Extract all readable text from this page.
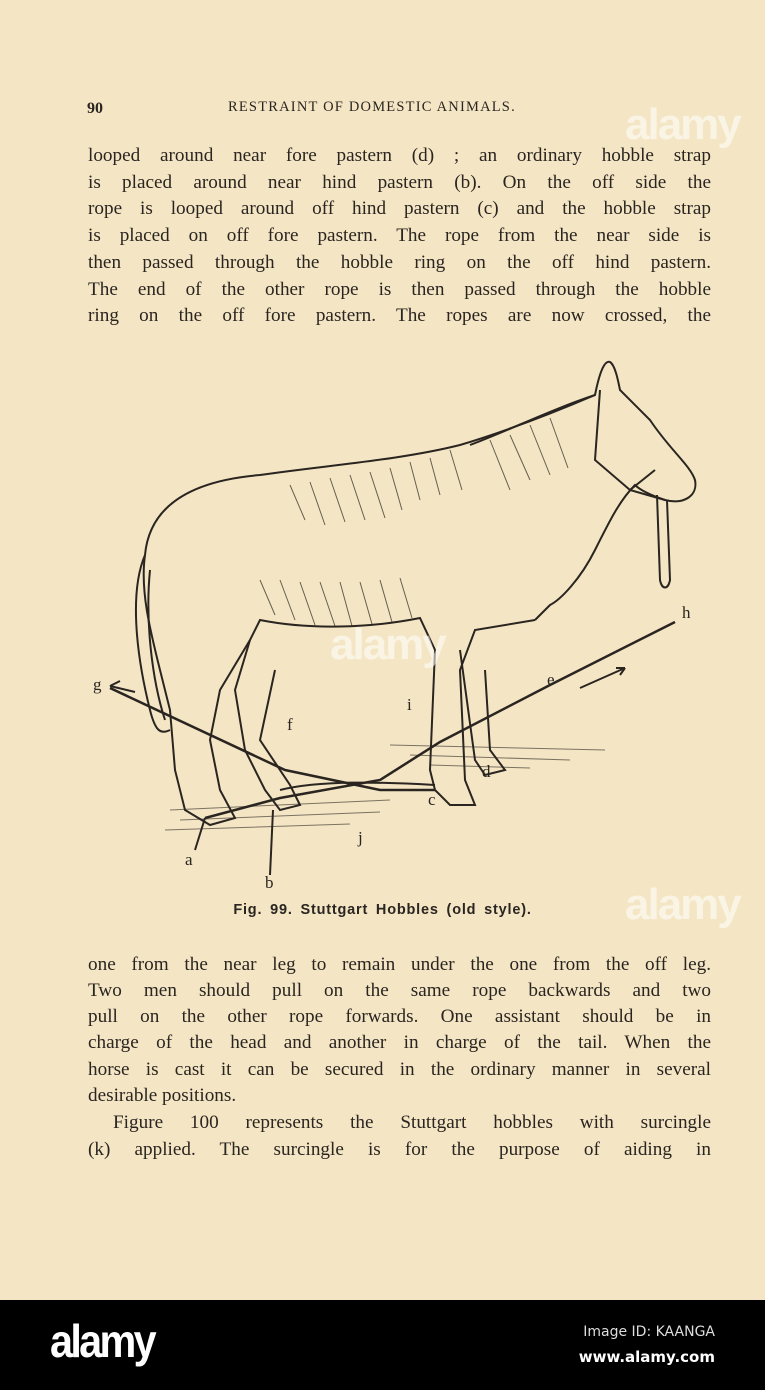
90	RESTRAINT OF DOMESTIC ANIMALS.
looped around near fore pastern (d) ; an ordinary hobble strap
is placed around near hind pastern (b). On the off side the
rope is looped around off hind pastern (c) and the hobble strap
is placed on off fore pastern. The rope from the near side is
then passed through the hobble ring on the off hind pastern.
The end of the other rope is then passed through the hobble
ring on the off fore pastern. The ropes are now crossed, the
g
h
e
f
i
d
c
j
a
b
Fig. 99. Stuttgart Hobbles (old style).
one from the near leg to remain under the one from the off leg.
Two men should pull on the same rope backwards and two
pull on the other rope forwards. One assistant should be in
charge of the head and another in charge of the tail. When the
horse is cast it can be secured in the ordinary manner in several
desirable positions.
Figure 100 represents the Stuttgart hobbles with surcingle
(k) applied. The surcingle is for the purpose of aiding in
alamy
alamy
alamy
alamy	Image ID: KAANGA
www.alamy.com
